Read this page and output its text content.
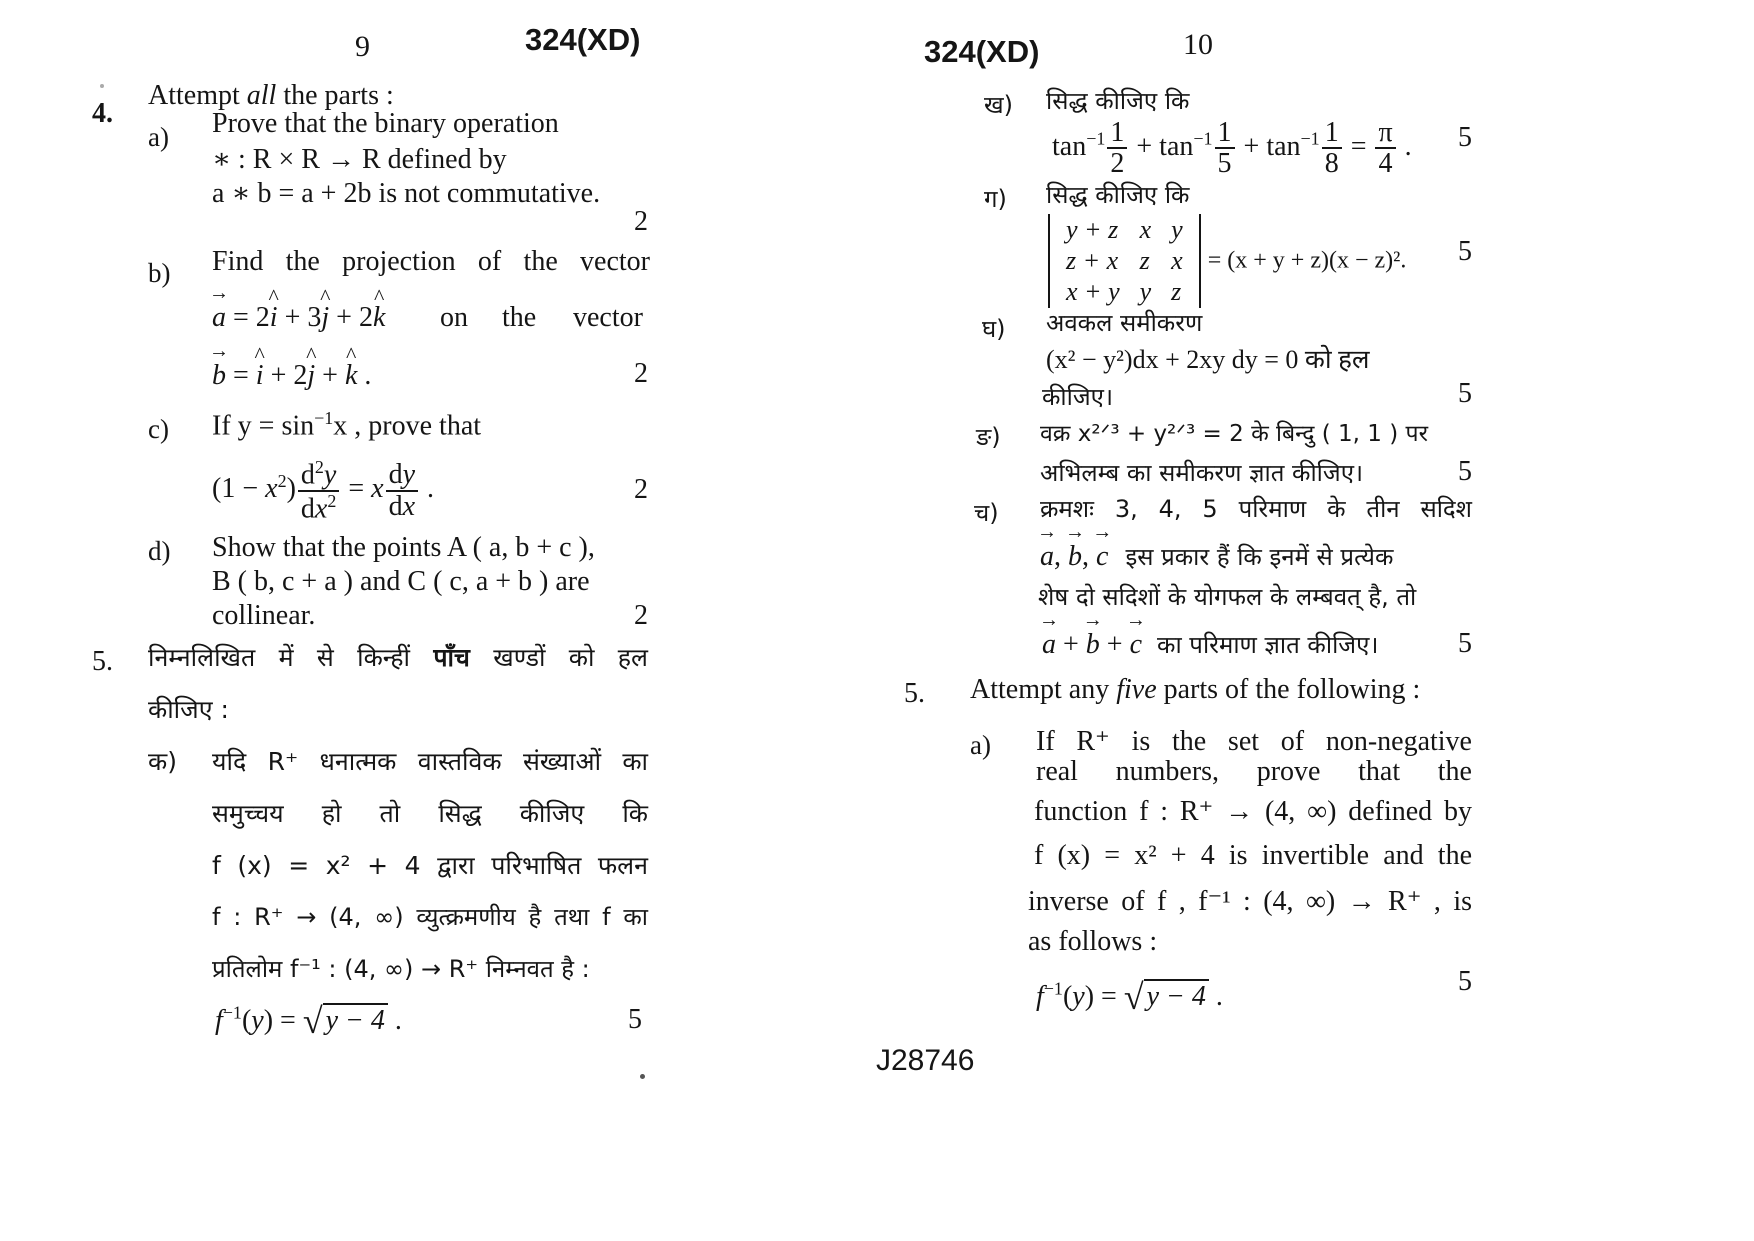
9	324(XD)
4.
Attempt all the parts :
a) Prove that the binary operation
∗ : R × R → R defined by
a ∗ b = a + 2b is not commutative.
2
b) Find the projection of the vector
→ a = 2^ i + 3^ j + 2^ k on the vector
→ b = ^ i + 2^ j + ^ k .	2
c) If $y = \sin^{-1}x$ , prove that
$(1 - x^2) \frac{d^2y}{dx^2} = x \frac{dy}{dx}$ .	2
d) Show that the points A ( a, b + c ),
B ( b, c + a ) and C ( c, a + b ) are
collinear.	2
5. निम्नलिखित में से किन्हीं पाँच खण्डों को हल
कीजिए :
क) यदि R⁺ धनात्मक वास्तविक संख्याओं का
समुच्चय हो तो सिद्ध कीजिए कि
f (x) = x² + 4 द्वारा परिभाषित फलन
f : R⁺ → (4, ∞) व्युत्क्रमणीय है तथा f का
प्रतिलोम f⁻¹ : (4, ∞) → R⁺ निम्नवत है :
$f^{-1}(y)$ = √ y − 4 .	5
324(XD)	10
ख) सिद्ध कीजिए कि
$\tan^{-1} \frac{1}{2} + \tan^{-1} \frac{1}{5} + \tan^{-1} \frac{1}{8} = \frac{\pi}{4}$ . 5
ग) सिद्ध कीजिए कि
y + z	x	y
z + x	z	x
x + y	y	z
= (x + y + z)(x − z)². 5
घ) अवकल समीकरण
(x² − y²)dx + 2xy dy = 0 को हल
कीजिए।	5
ङ) वक्र x²ᐟ³ + y²ᐟ³ = 2 के बिन्दु ( 1, 1 ) पर
अभिलम्ब का समीकरण ज्ञात कीजिए।	5
च) क्रमशः 3, 4, 5 परिमाण के तीन सदिश
→ a, → b, → c इस प्रकार हैं कि इनमें से प्रत्येक
शेष दो सदिशों के योगफल के लम्बवत् है, तो
→ a + → b + → c का परिमाण ज्ञात कीजिए।	5
5. Attempt any five parts of the following :
a) If R⁺ is the set of non-negative
real numbers, prove that the
function f : R⁺ → (4, ∞) defined by
f (x) = x² + 4 is invertible and the
inverse of f , f⁻¹ : (4, ∞) → R⁺ , is
as follows :
$f^{-1}(y)$ = √ y − 4 .	5
J28746
